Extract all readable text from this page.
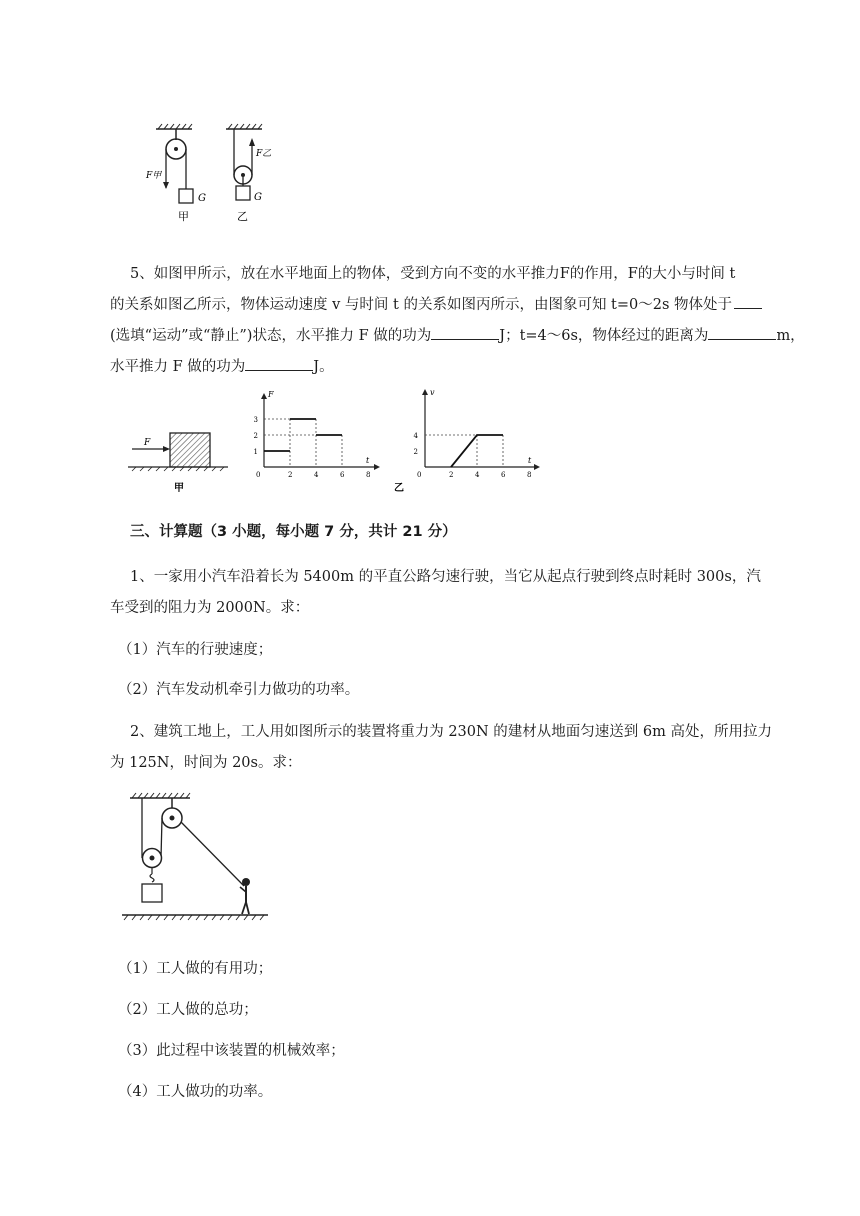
F甲
G
甲
F乙
G
乙
5、如图甲所示，放在水平地面上的物体，受到方向不变的水平推力F的作用，F的大小与时间 t
的关系如图乙所示，物体运动速度 v 与时间 t 的关系如图丙所示，由图象可知 t=0～2s 物体处于
(选填“运动”或“静止”)状态，水平推力 F 做的功为	J；t=4～6s，物体经过的距离为	m，
水平推力 F 做的功为	J。
F
甲
F
t
1
2
3
0	2	4	6	8
v
t
2
4
0	2	4	6	8
乙
三、计算题（3 小题，每小题 7 分，共计 21 分）
1、一家用小汽车沿着长为 5400m 的平直公路匀速行驶，当它从起点行驶到终点时耗时 300s，汽
车受到的阻力为 2000N。求：
（1）汽车的行驶速度；
（2）汽车发动机牵引力做功的功率。
2、建筑工地上，工人用如图所示的装置将重力为 230N 的建材从地面匀速送到 6m 高处，所用拉力
为 125N，时间为 20s。求：
（1）工人做的有用功；
（2）工人做的总功；
（3）此过程中该装置的机械效率；
（4）工人做功的功率。
